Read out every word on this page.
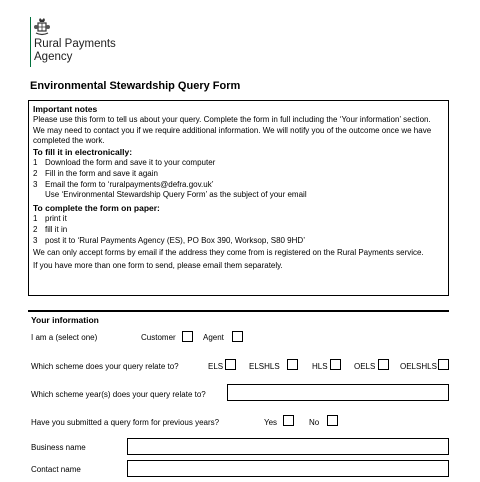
Rural Payments
Agency
Environmental Stewardship Query Form

Important notes

Please use this form to tell us about your query. Complete the form in full including the ‘Your information’ section. We may need to contact you if we require additional information. We will notify you of the outcome once we have completed the work.

To fill it in electronically:

1 Download the form and save it to your computer
2 Fill in the form and save it again
3 Email the form to ‘ruralpayments@defra.gov.uk’
Use ‘Environmental Stewardship Query Form’ as the subject of your email

To complete the form on paper:

1 print it
2 fill it in
3 post it to ‘Rural Payments Agency (ES), PO Box 390, Worksop, S80 9HD’

We can only accept forms by email if the address they come from is registered on the Rural Payments service.

If you have more than one form to send, please email them separately.

Your information
I am a (select one)	Customer	Agent
Which scheme does your query relate to?	ELS	ELSHLS	HLS	OELS	OELSHLS
Which scheme year(s) does your query relate to?
Have you submitted a query form for previous years?	Yes	No
Business name
Contact name
